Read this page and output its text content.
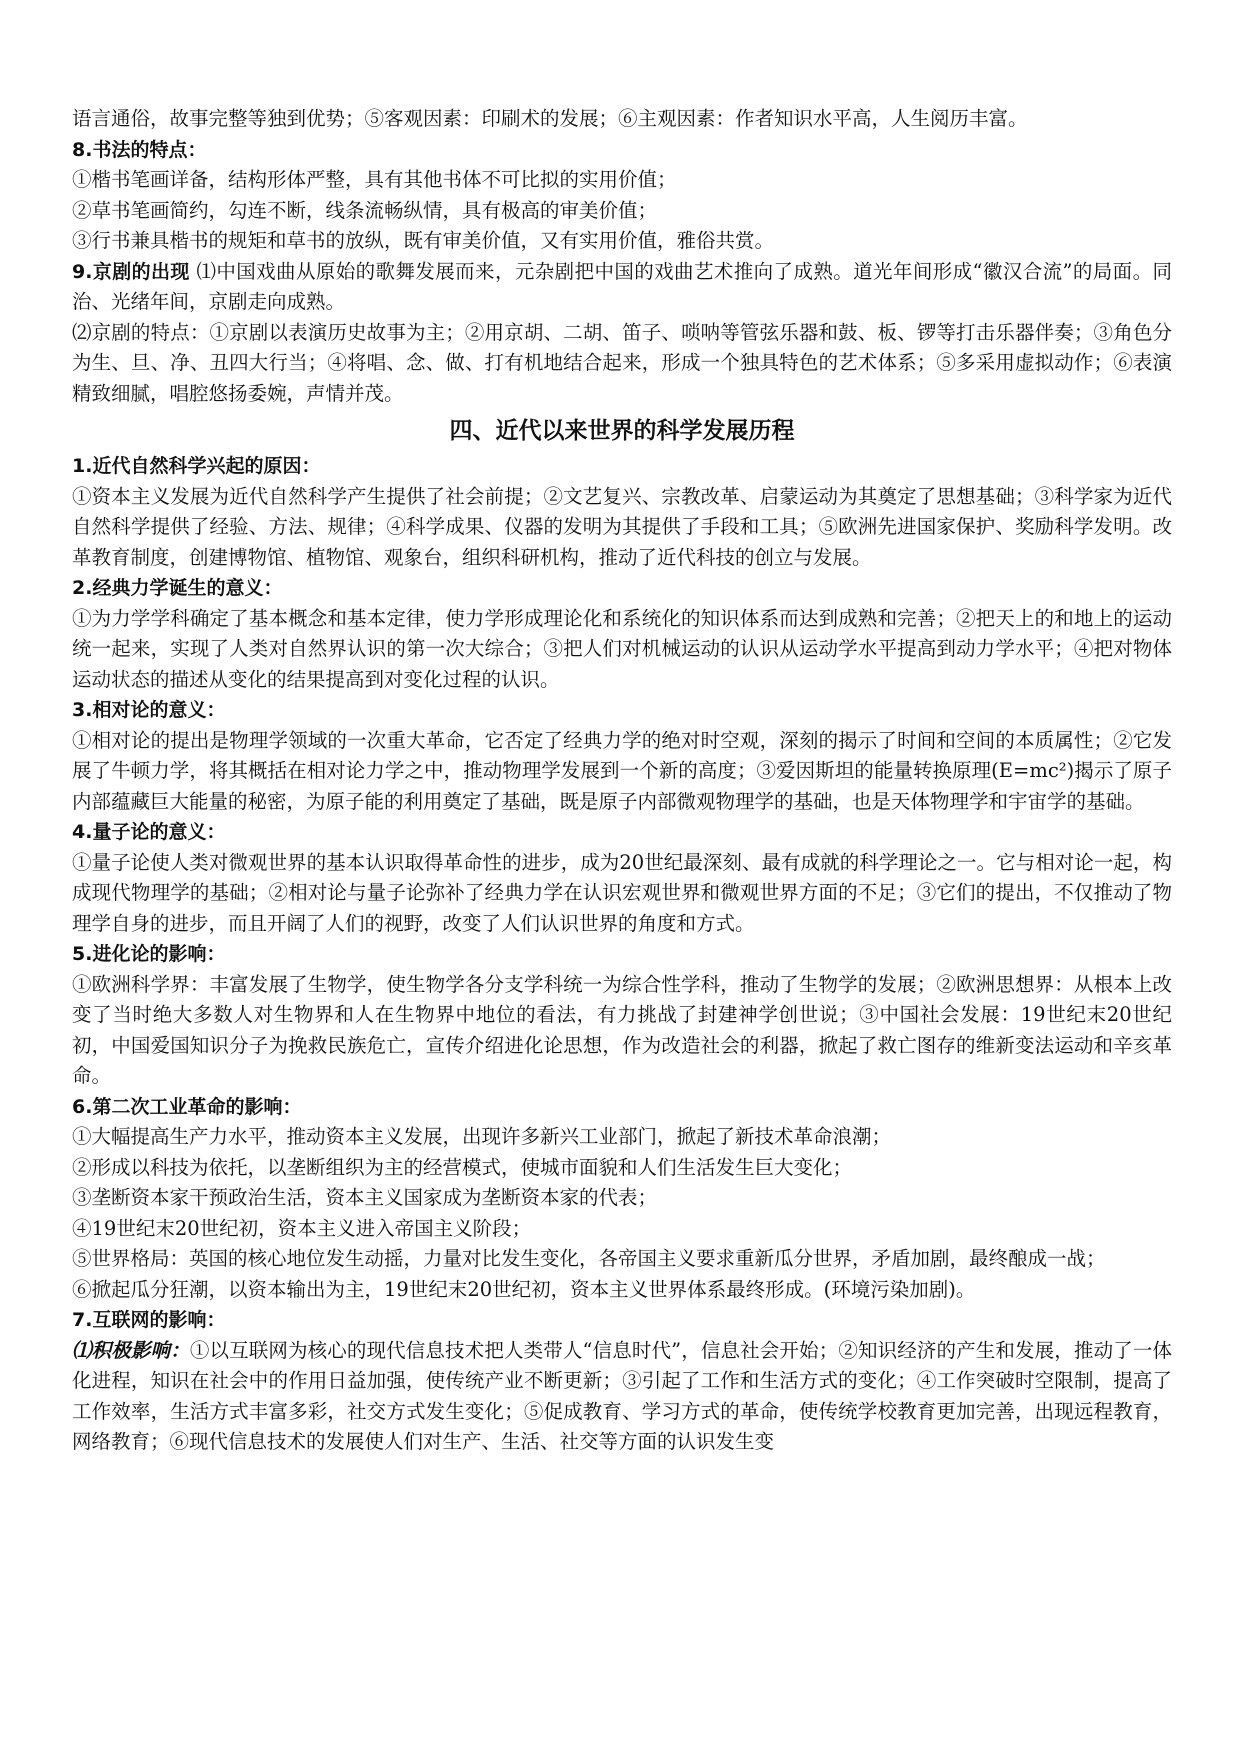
语言通俗，故事完整等独到优势；⑤客观因素：印刷术的发展；⑥主观因素：作者知识水平高，人生阅历丰富。

8.书法的特点：

①楷书笔画详备，结构形体严整，具有其他书体不可比拟的实用价值；

②草书笔画简约，勾连不断，线条流畅纵情，具有极高的审美价值；

③行书兼具楷书的规矩和草书的放纵，既有审美价值，又有实用价值，雅俗共赏。

9.京剧的出现 ⑴中国戏曲从原始的歌舞发展而来，元杂剧把中国的戏曲艺术推向了成熟。道光年间形成“徽汉合流”的局面。同治、光绪年间，京剧走向成熟。

⑵京剧的特点：①京剧以表演历史故事为主；②用京胡、二胡、笛子、唢呐等管弦乐器和鼓、板、锣等打击乐器伴奏；③角色分为生、旦、净、丑四大行当；④将唱、念、做、打有机地结合起来，形成一个独具特色的艺术体系；⑤多采用虚拟动作；⑥表演精致细腻，唱腔悠扬委婉，声情并茂。

四、近代以来世界的科学发展历程

1.近代自然科学兴起的原因：

①资本主义发展为近代自然科学产生提供了社会前提；②文艺复兴、宗教改革、启蒙运动为其奠定了思想基础；③科学家为近代自然科学提供了经验、方法、规律；④科学成果、仪器的发明为其提供了手段和工具；⑤欧洲先进国家保护、奖励科学发明。改革教育制度，创建博物馆、植物馆、观象台，组织科研机构，推动了近代科技的创立与发展。

2.经典力学诞生的意义：

①为力学学科确定了基本概念和基本定律，使力学形成理论化和系统化的知识体系而达到成熟和完善；②把天上的和地上的运动统一起来，实现了人类对自然界认识的第一次大综合；③把人们对机械运动的认识从运动学水平提高到动力学水平；④把对物体运动状态的描述从变化的结果提高到对变化过程的认识。

3.相对论的意义：

①相对论的提出是物理学领域的一次重大革命，它否定了经典力学的绝对时空观，深刻的揭示了时间和空间的本质属性；②它发展了牛顿力学，将其概括在相对论力学之中，推动物理学发展到一个新的高度；③爱因斯坦的能量转换原理(E=mc²)揭示了原子内部蕴藏巨大能量的秘密，为原子能的利用奠定了基础，既是原子内部微观物理学的基础，也是天体物理学和宇宙学的基础。

4.量子论的意义：

①量子论使人类对微观世界的基本认识取得革命性的进步，成为20世纪最深刻、最有成就的科学理论之一。它与相对论一起，构成现代物理学的基础；②相对论与量子论弥补了经典力学在认识宏观世界和微观世界方面的不足；③它们的提出，不仅推动了物理学自身的进步，而且开阔了人们的视野，改变了人们认识世界的角度和方式。

5.进化论的影响：

①欧洲科学界：丰富发展了生物学，使生物学各分支学科统一为综合性学科，推动了生物学的发展；②欧洲思想界：从根本上改变了当时绝大多数人对生物界和人在生物界中地位的看法，有力挑战了封建神学创世说；③中国社会发展：19世纪末20世纪初，中国爱国知识分子为挽救民族危亡，宣传介绍进化论思想，作为改造社会的利器，掀起了救亡图存的维新变法运动和辛亥革命。

6.第二次工业革命的影响：

①大幅提高生产力水平，推动资本主义发展，出现许多新兴工业部门，掀起了新技术革命浪潮；

②形成以科技为依托，以垄断组织为主的经营模式，使城市面貌和人们生活发生巨大变化；

③垄断资本家干预政治生活，资本主义国家成为垄断资本家的代表；

④19世纪末20世纪初，资本主义进入帝国主义阶段；

⑤世界格局：英国的核心地位发生动摇，力量对比发生变化，各帝国主义要求重新瓜分世界，矛盾加剧，最终酿成一战；

⑥掀起瓜分狂潮，以资本输出为主，19世纪末20世纪初，资本主义世界体系最终形成。(环境污染加剧)。

7.互联网的影响：

⑴积极影响：①以互联网为核心的现代信息技术把人类带人“信息时代”，信息社会开始；②知识经济的产生和发展，推动了一体化进程，知识在社会中的作用日益加强，使传统产业不断更新；③引起了工作和生活方式的变化；④工作突破时空限制，提高了工作效率，生活方式丰富多彩，社交方式发生变化；⑤促成教育、学习方式的革命，使传统学校教育更加完善，出现远程教育，网络教育；⑥现代信息技术的发展使人们对生产、生活、社交等方面的认识发生变
